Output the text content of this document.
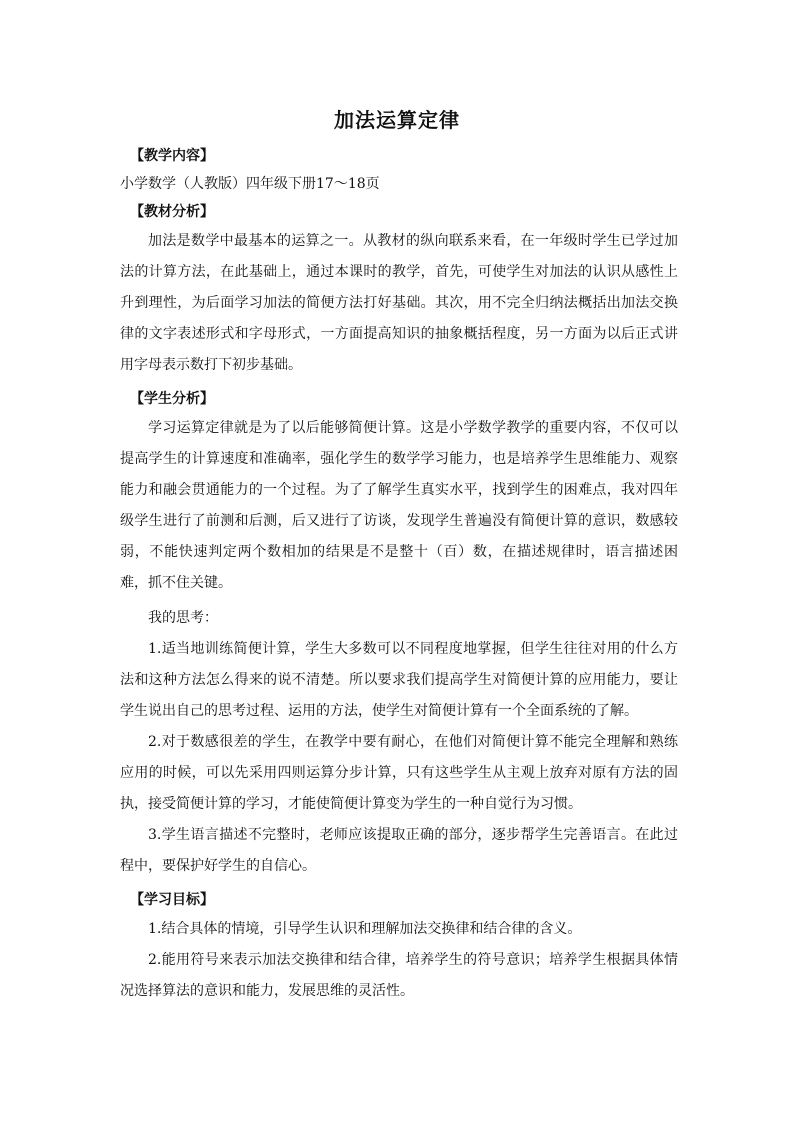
加法运算定律

【教学内容】

小学数学（人教版）四年级下册17～18页

【教材分析】

加法是数学中最基本的运算之一。从教材的纵向联系来看，在一年级时学生已学过加法的计算方法，在此基础上，通过本课时的教学，首先，可使学生对加法的认识从感性上升到理性，为后面学习加法的简便方法打好基础。其次，用不完全归纳法概括出加法交换律的文字表述形式和字母形式，一方面提高知识的抽象概括程度，另一方面为以后正式讲用字母表示数打下初步基础。

【学生分析】

学习运算定律就是为了以后能够简便计算。这是小学数学教学的重要内容，不仅可以提高学生的计算速度和准确率，强化学生的数学学习能力，也是培养学生思维能力、观察能力和融会贯通能力的一个过程。为了了解学生真实水平，找到学生的困难点，我对四年级学生进行了前测和后测，后又进行了访谈，发现学生普遍没有简便计算的意识，数感较弱，不能快速判定两个数相加的结果是不是整十（百）数，在描述规律时，语言描述困难，抓不住关键。

我的思考：

1.适当地训练简便计算，学生大多数可以不同程度地掌握，但学生往往对用的什么方法和这种方法怎么得来的说不清楚。所以要求我们提高学生对简便计算的应用能力，要让学生说出自己的思考过程、运用的方法，使学生对简便计算有一个全面系统的了解。

2.对于数感很差的学生，在教学中要有耐心，在他们对简便计算不能完全理解和熟练应用的时候，可以先采用四则运算分步计算，只有这些学生从主观上放弃对原有方法的固执，接受简便计算的学习，才能使简便计算变为学生的一种自觉行为习惯。

3.学生语言描述不完整时，老师应该提取正确的部分，逐步帮学生完善语言。在此过程中，要保护好学生的自信心。

【学习目标】

1.结合具体的情境，引导学生认识和理解加法交换律和结合律的含义。

2.能用符号来表示加法交换律和结合律，培养学生的符号意识；培养学生根据具体情况选择算法的意识和能力，发展思维的灵活性。
